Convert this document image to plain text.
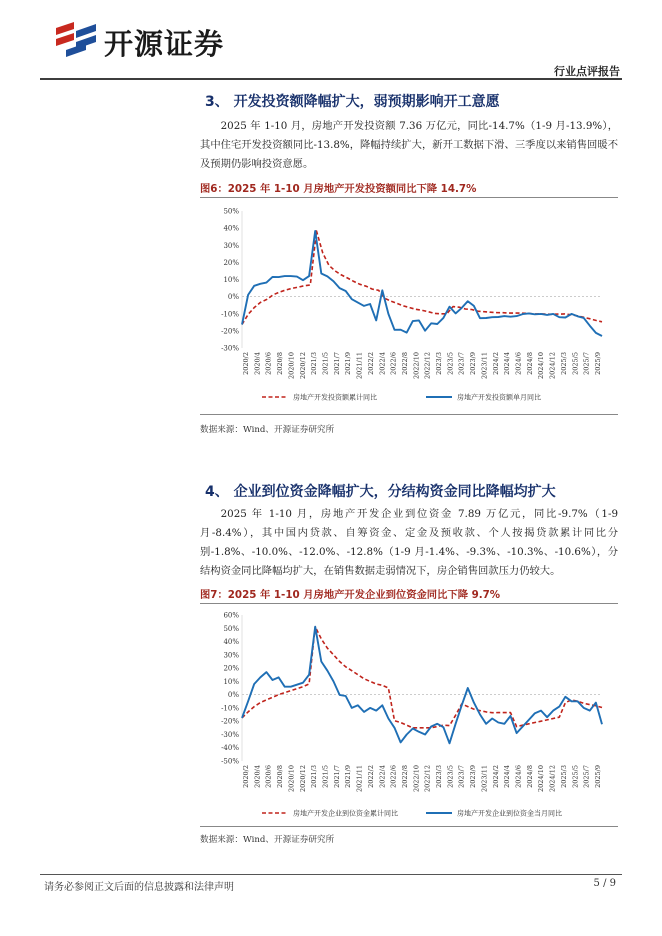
开源证券
行业点评报告
3、 开发投资额降幅扩大，弱预期影响开工意愿

2025 年 1-10 月，房地产开发投资额 7.36 万亿元，同比-14.7%（1-9 月-13.9%），其中住宅开发投资额同比-13.8%，降幅持续扩大，新开工数据下滑、三季度以来销售回暖不及预期仍影响投资意愿。

图6：2025 年 1-10 月房地产开发投资额同比下降 14.7%
50%
40%
30%
20%
10%
0%
-10%
-20%
-30%
2020/2 2020/4 2020/6 2020/8 2020/10 2020/12 2021/3 2021/5 2021/7 2021/9 2021/11 2022/2 2022/4 2022/6 2022/8 2022/10 2022/12 2023/3 2023/5 2023/7 2023/9 2023/11 2024/2 2024/4 2024/6 2024/8 2024/10 2024/12 2025/3 2025/5 2025/7 2025/9
房地产开发投资额累计同比	房地产开发投资额单月同比
数据来源：Wind、开源证券研究所
4、 企业到位资金降幅扩大，分结构资金同比降幅均扩大

2025 年 1-10 月，房地产开发企业到位资金 7.89 万亿元，同比-9.7%（1-9 月-8.4%），其中国内贷款、自筹资金、定金及预收款、个人按揭贷款累计同比分别-1.8%、-10.0%、-12.0%、-12.8%（1-9 月-1.4%、-9.3%、-10.3%、-10.6%），分结构资金同比降幅均扩大，在销售数据走弱情况下，房企销售回款压力仍较大。

图7：2025 年 1-10 月房地产开发企业到位资金同比下降 9.7%
60%
50%
40%
30%
20%
10%
0%
-10%
-20%
-30%
-40%
-50%
2020/2 2020/4 2020/6 2020/8 2020/10 2020/12 2021/3 2021/5 2021/7 2021/9 2021/11 2022/2 2022/4 2022/6 2022/8 2022/10 2022/12 2023/3 2023/5 2023/7 2023/9 2023/11 2024/2 2024/4 2024/6 2024/8 2024/10 2024/12 2025/3 2025/5 2025/7 2025/9
房地产开发企业到位资金累计同比	房地产开发企业到位资金当月同比
数据来源：Wind、开源证券研究所
请务必参阅正文后面的信息披露和法律声明	5 / 9
